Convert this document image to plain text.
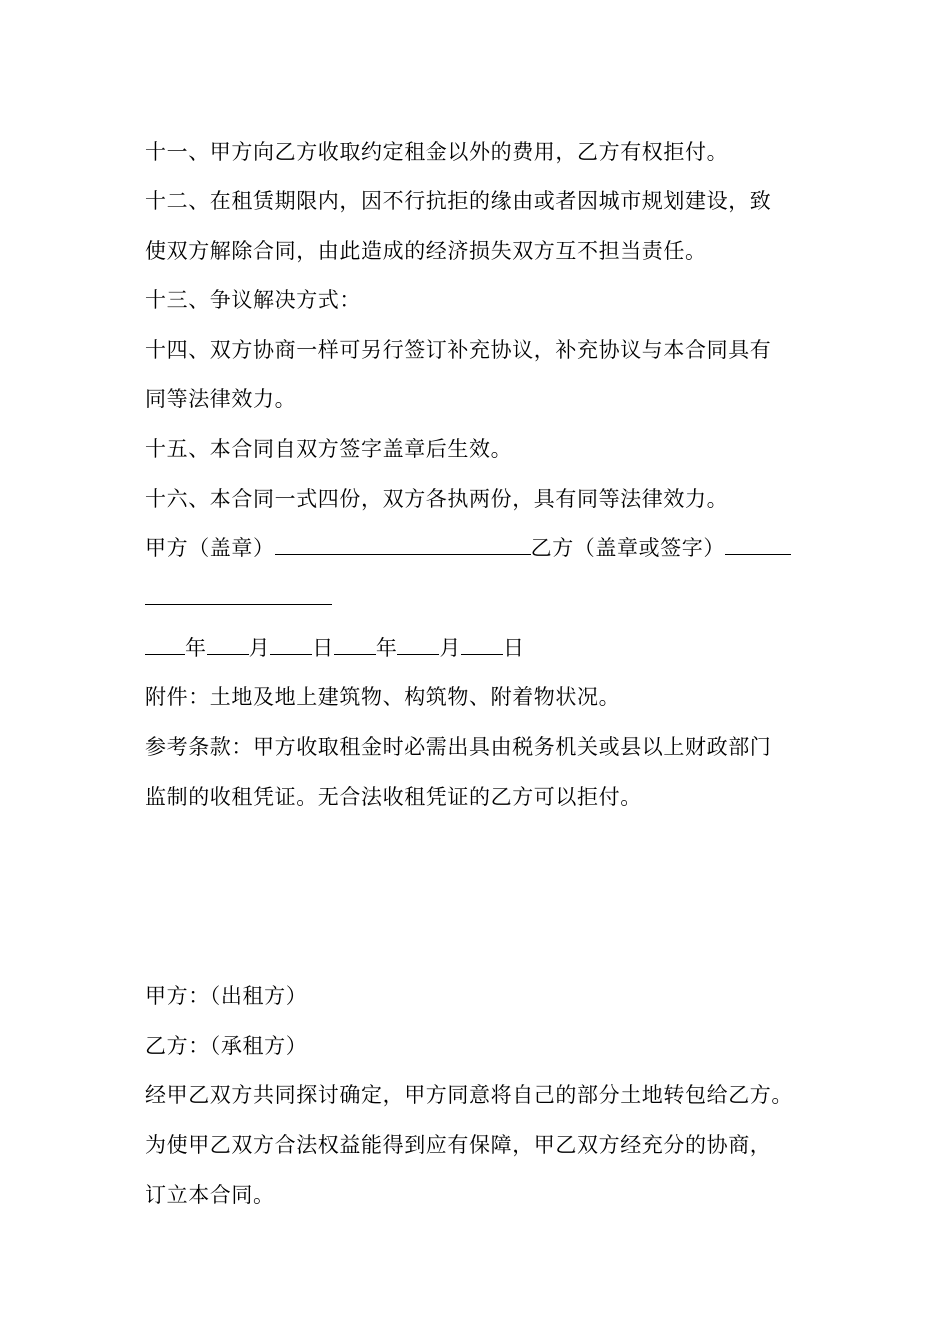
十一、甲方向乙方收取约定租金以外的费用，乙方有权拒付。
十二、在租赁期限内，因不行抗拒的缘由或者因城市规划建设，致
使双方解除合同，由此造成的经济损失双方互不担当责任。
十三、争议解决方式：
十四、双方协商一样可另行签订补充协议，补充协议与本合同具有
同等法律效力。
十五、本合同自双方签字盖章后生效。
十六、本合同一式四份，双方各执两份，具有同等法律效力。
甲方（盖章）	乙方（盖章或签字）
年 月 日 年 月 日
附件：土地及地上建筑物、构筑物、附着物状况。
参考条款：甲方收取租金时必需出具由税务机关或县以上财政部门
监制的收租凭证。无合法收租凭证的乙方可以拒付。
甲方：（出租方）
乙方：（承租方）
经甲乙双方共同探讨确定，甲方同意将自己的部分土地转包给乙方。
为使甲乙双方合法权益能得到应有保障，甲乙双方经充分的协商，
订立本合同。
